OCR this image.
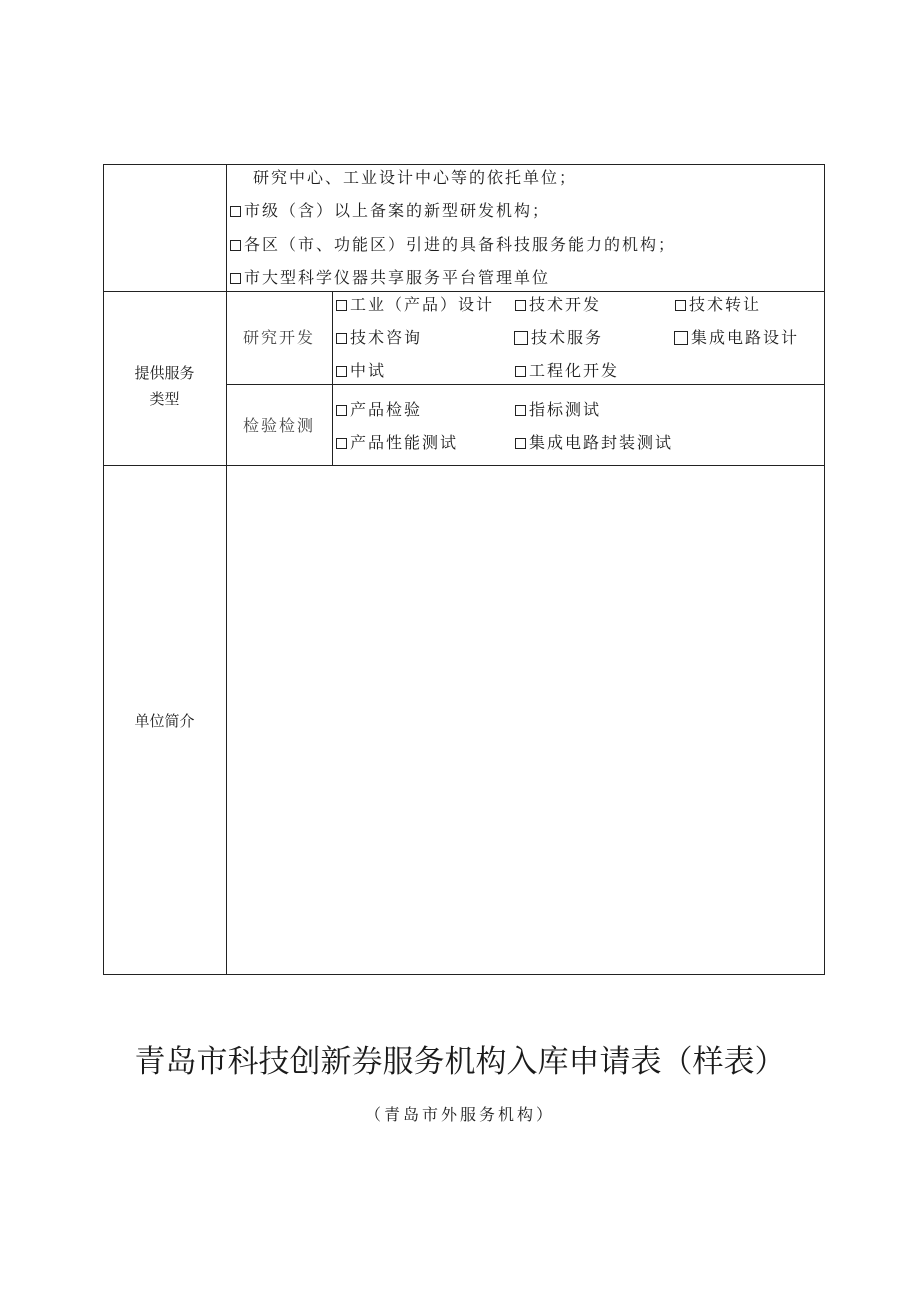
研究中心、工业设计中心等的依托单位；
市级（含）以上备案的新型研发机构；
各区（市、功能区）引进的具备科技服务能力的机构；
市大型科学仪器共享服务平台管理单位
提供服务
类型
研究开发
工业（产品）设计	技术开发	技术转让
技术咨询	技术服务	集成电路设计
中试	工程化开发
检验检测
产品检验	指标测试
产品性能测试	集成电路封装测试
单位简介
青岛市科技创新券服务机构入库申请表（样表）
（青岛市外服务机构）
